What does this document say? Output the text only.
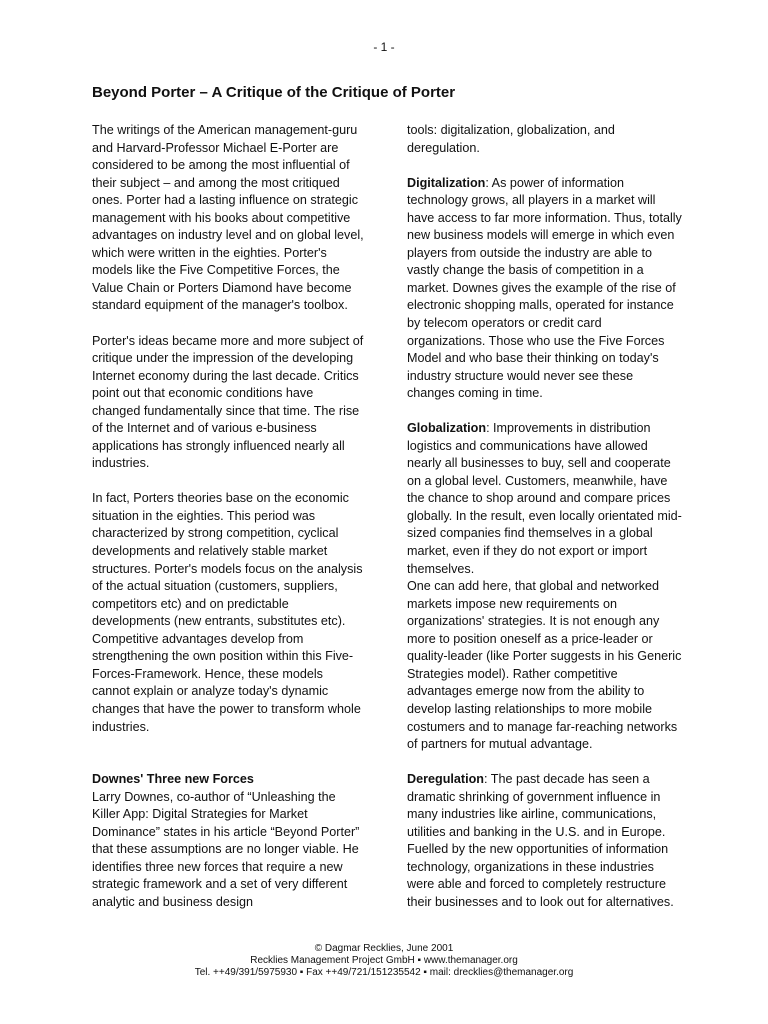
- 1 -
Beyond Porter – A Critique of the Critique of Porter

The writings of the American management-guru and Harvard-Professor Michael E-Porter are considered to be among the most influential of their subject – and among the most critiqued ones. Porter had a lasting influence on strategic management with his books about competitive advantages on industry level and on global level, which were written in the eighties. Porter's models like the Five Competitive Forces, the Value Chain or Porters Diamond have become standard equipment of the manager's toolbox.

Porter's ideas became more and more subject of critique under the impression of the developing Internet economy during the last decade. Critics point out that economic conditions have changed fundamentally since that time. The rise of the Internet and of various e-business applications has strongly influenced nearly all industries.

In fact, Porters theories base on the economic situation in the eighties. This period was characterized by strong competition, cyclical developments and relatively stable market structures. Porter's models focus on the analysis of the actual situation (customers, suppliers, competitors etc) and on predictable developments (new entrants, substitutes etc). Competitive advantages develop from strengthening the own position within this Five-Forces-Framework. Hence, these models cannot explain or analyze today's dynamic changes that have the power to transform whole industries.

Downes' Three new Forces

Larry Downes, co-author of “Unleashing the Killer App: Digital Strategies for Market Dominance” states in his article “Beyond Porter” that these assumptions are no longer viable. He identifies three new forces that require a new strategic framework and a set of very different analytic and business design

tools: digitalization, globalization, and deregulation.

Digitalization: As power of information technology grows, all players in a market will have access to far more information. Thus, totally new business models will emerge in which even players from outside the industry are able to vastly change the basis of competition in a market. Downes gives the example of the rise of electronic shopping malls, operated for instance by telecom operators or credit card organizations. Those who use the Five Forces Model and who base their thinking on today's industry structure would never see these changes coming in time.

Globalization: Improvements in distribution logistics and communications have allowed nearly all businesses to buy, sell and cooperate on a global level. Customers, meanwhile, have the chance to shop around and compare prices globally. In the result, even locally orientated mid-sized companies find themselves in a global market, even if they do not export or import themselves.

One can add here, that global and networked markets impose new requirements on organizations' strategies. It is not enough any more to position oneself as a price-leader or quality-leader (like Porter suggests in his Generic Strategies model). Rather competitive advantages emerge now from the ability to develop lasting relationships to more mobile costumers and to manage far-reaching networks of partners for mutual advantage.

Deregulation: The past decade has seen a dramatic shrinking of government influence in many industries like airline, communications, utilities and banking in the U.S. and in Europe. Fuelled by the new opportunities of information technology, organizations in these industries were able and forced to completely restructure their businesses and to look out for alternatives.

© Dagmar Recklies, June 2001
Recklies Management Project GmbH ▪ www.themanager.org
Tel. ++49/391/5975930 ▪ Fax ++49/721/151235542 ▪ mail: drecklies@themanager.org
